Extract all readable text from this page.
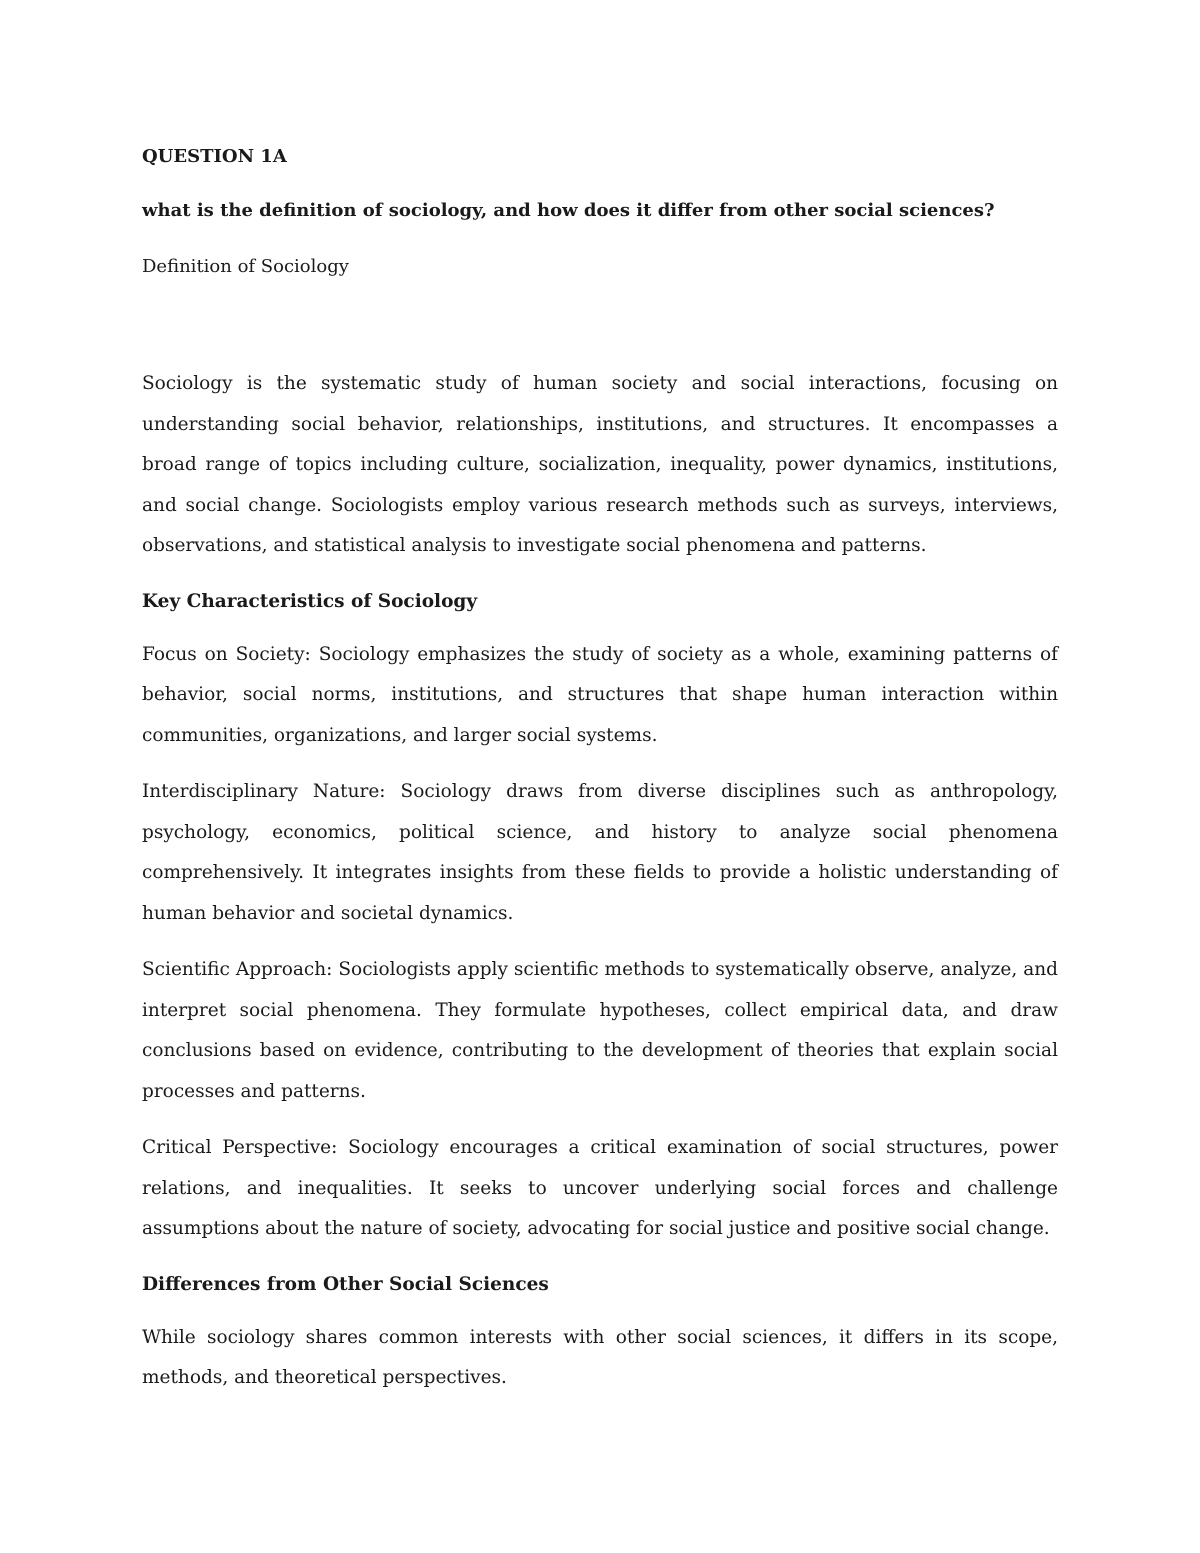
QUESTION 1A

what is the definition of sociology, and how does it differ from other social sciences?

Definition of Sociology

Sociology is the systematic study of human society and social interactions, focusing on understanding social behavior, relationships, institutions, and structures. It encompasses a broad range of topics including culture, socialization, inequality, power dynamics, institutions, and social change. Sociologists employ various research methods such as surveys, interviews, observations, and statistical analysis to investigate social phenomena and patterns.

Key Characteristics of Sociology

Focus on Society: Sociology emphasizes the study of society as a whole, examining patterns of behavior, social norms, institutions, and structures that shape human interaction within communities, organizations, and larger social systems.

Interdisciplinary Nature: Sociology draws from diverse disciplines such as anthropology, psychology, economics, political science, and history to analyze social phenomena comprehensively. It integrates insights from these fields to provide a holistic understanding of human behavior and societal dynamics.

Scientific Approach: Sociologists apply scientific methods to systematically observe, analyze, and interpret social phenomena. They formulate hypotheses, collect empirical data, and draw conclusions based on evidence, contributing to the development of theories that explain social processes and patterns.

Critical Perspective: Sociology encourages a critical examination of social structures, power relations, and inequalities. It seeks to uncover underlying social forces and challenge assumptions about the nature of society, advocating for social justice and positive social change.

Differences from Other Social Sciences

While sociology shares common interests with other social sciences, it differs in its scope, methods, and theoretical perspectives.
